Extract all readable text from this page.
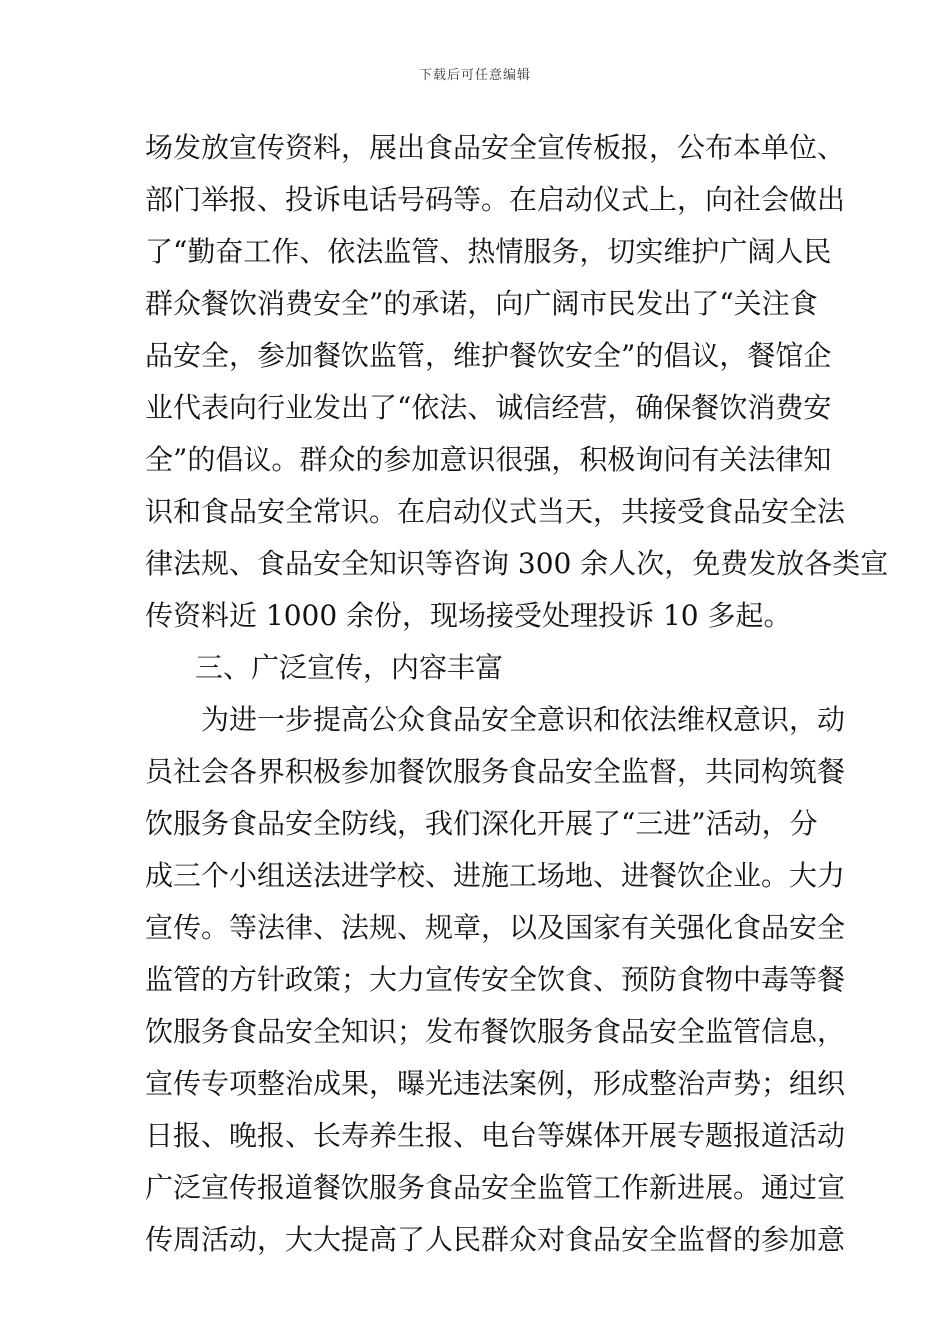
下载后可任意编辑

场发放宣传资料，展出食品安全宣传板报，公布本单位、

部门举报、投诉电话号码等。在启动仪式上，向社会做出

了“勤奋工作、依法监管、热情服务，切实维护广阔人民

群众餐饮消费安全”的承诺，向广阔市民发出了“关注食

品安全，参加餐饮监管，维护餐饮安全”的倡议，餐馆企

业代表向行业发出了“依法、诚信经营，确保餐饮消费安

全”的倡议。群众的参加意识很强，积极询问有关法律知

识和食品安全常识。在启动仪式当天，共接受食品安全法

律法规、食品安全知识等咨询 300 余人次，免费发放各类宣

传资料近 1000 余份，现场接受处理投诉 10 多起。

三、广泛宣传，内容丰富

为进一步提高公众食品安全意识和依法维权意识，动

员社会各界积极参加餐饮服务食品安全监督，共同构筑餐

饮服务食品安全防线，我们深化开展了“三进”活动，分

成三个小组送法进学校、进施工场地、进餐饮企业。大力

宣传。等法律、法规、规章，以及国家有关强化食品安全

监管的方针政策；大力宣传安全饮食、预防食物中毒等餐

饮服务食品安全知识；发布餐饮服务食品安全监管信息，

宣传专项整治成果，曝光违法案例，形成整治声势；组织

日报、晚报、长寿养生报、电台等媒体开展专题报道活动

广泛宣传报道餐饮服务食品安全监管工作新进展。通过宣

传周活动，大大提高了人民群众对食品安全监督的参加意
